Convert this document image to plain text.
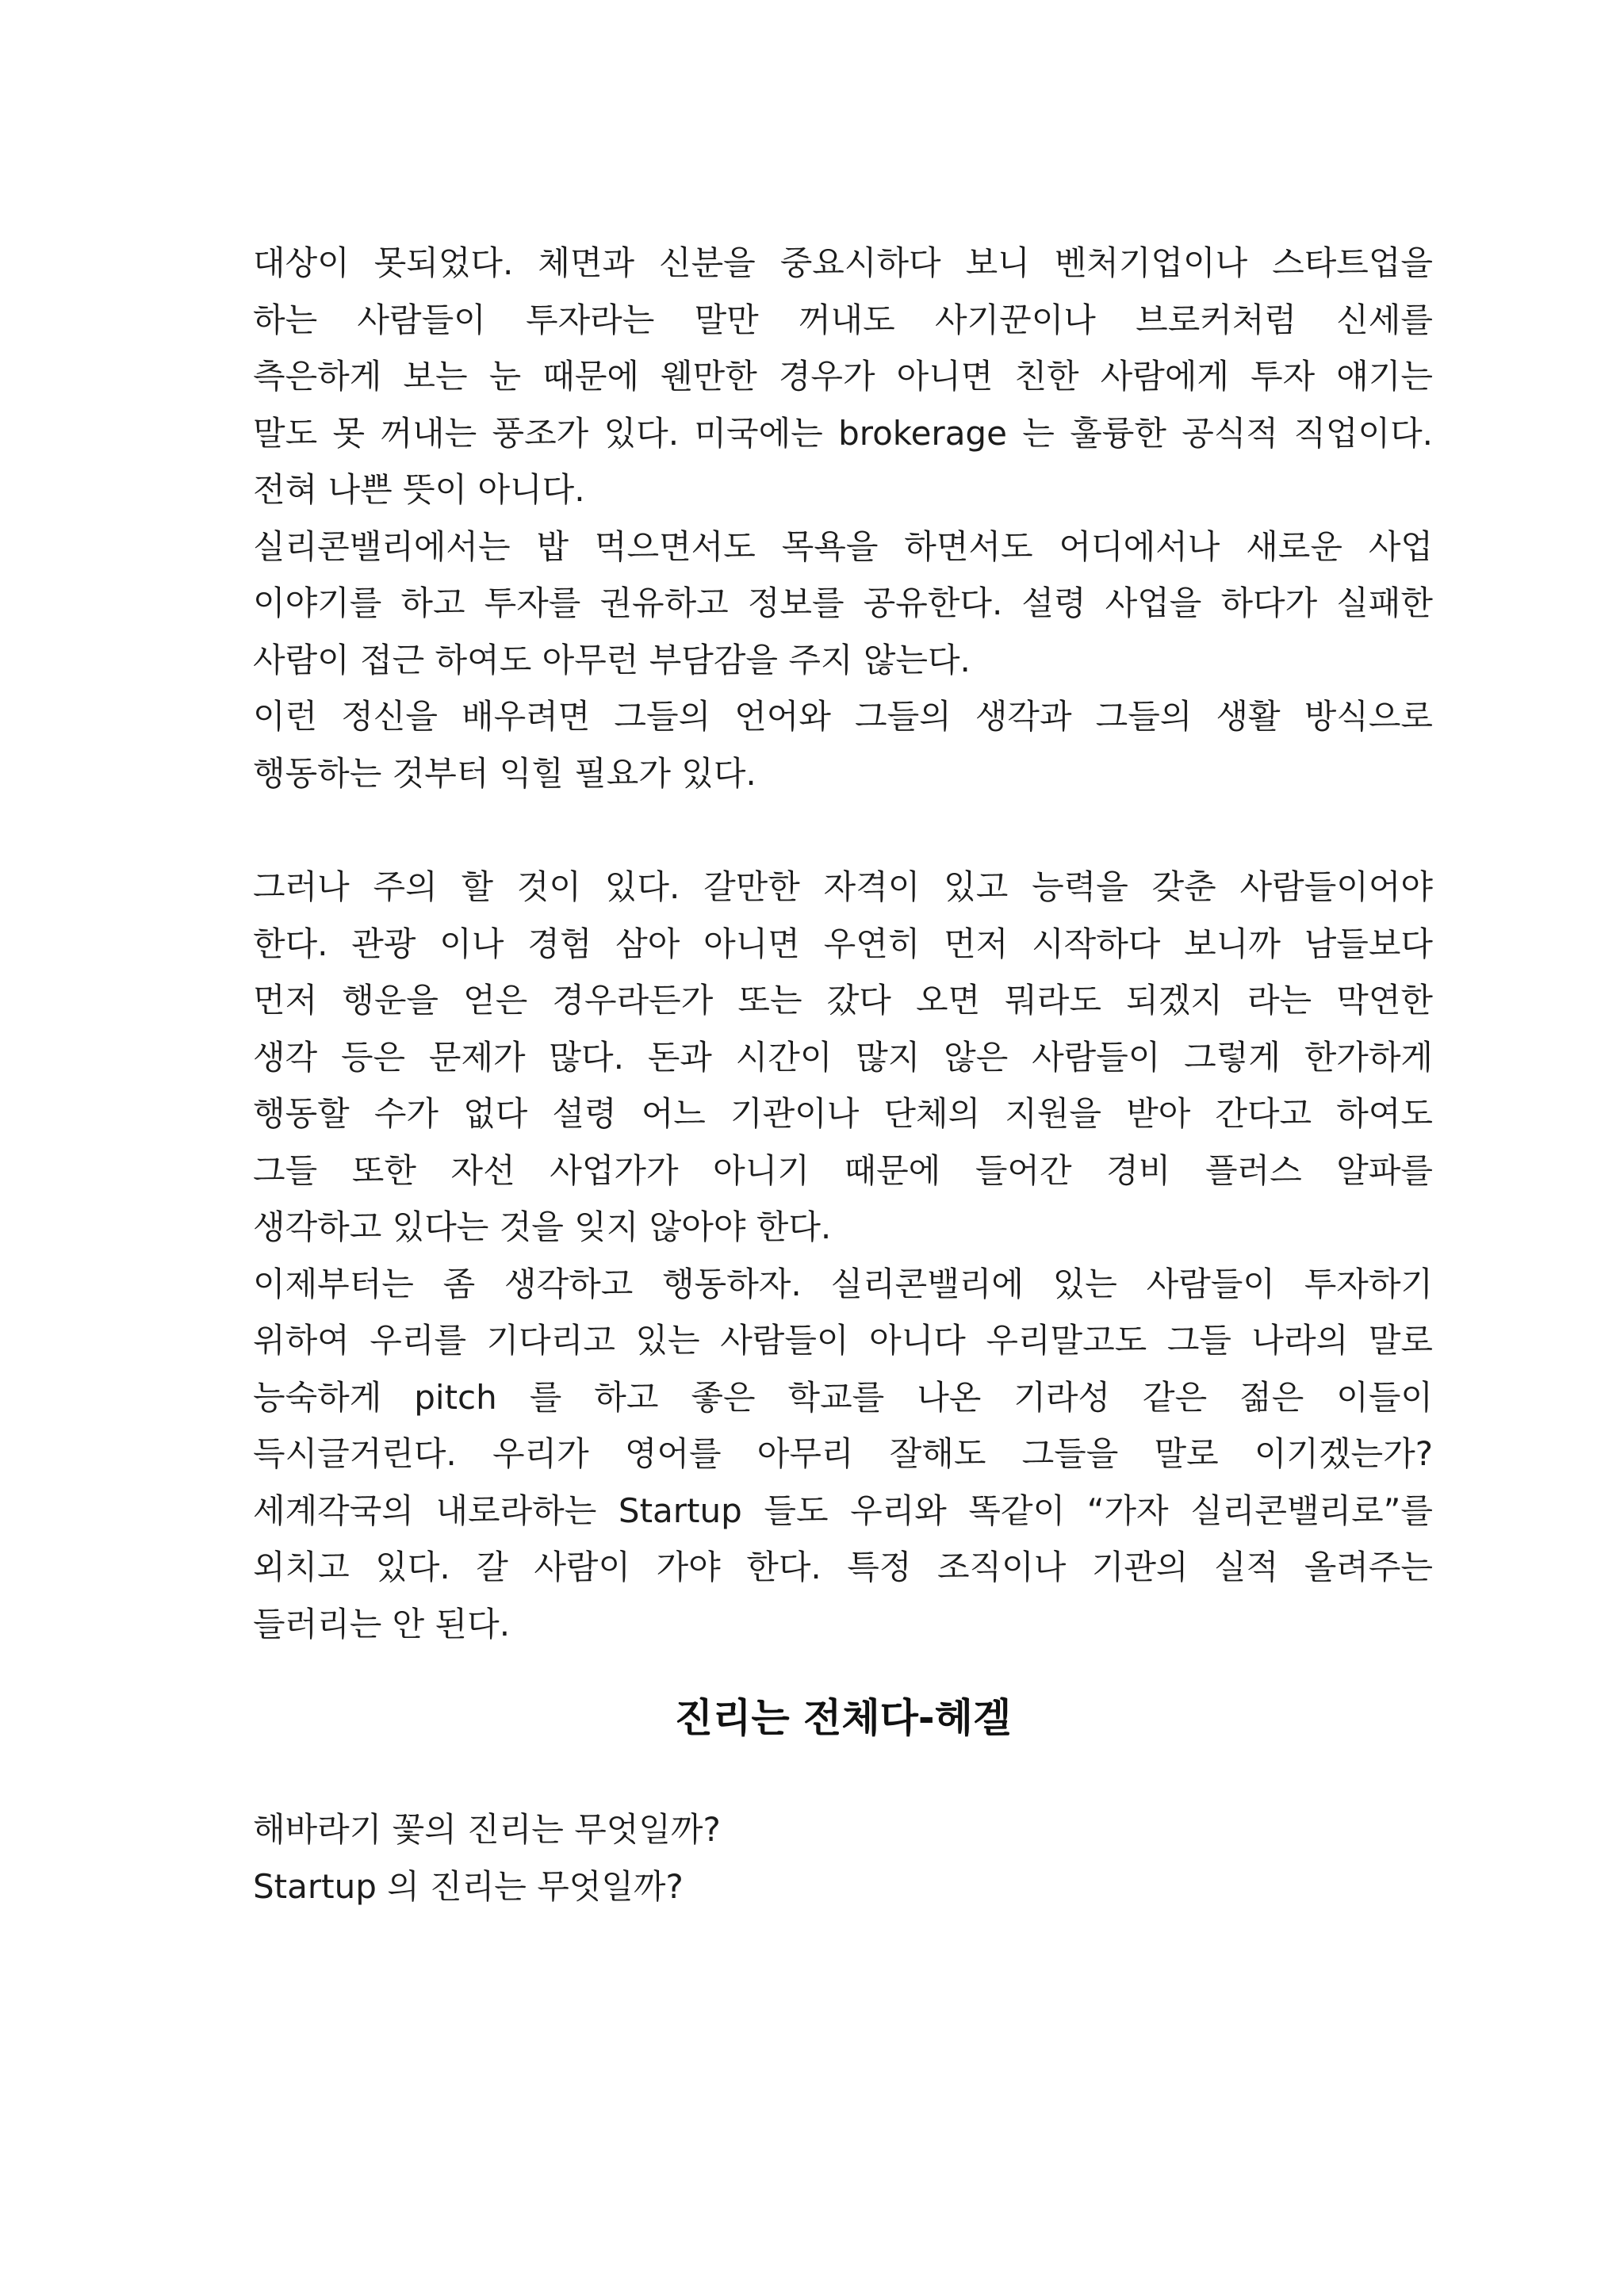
대상이 못되었다. 체면과 신분을 중요시하다 보니 벤처기업이나 스타트업을
하는 사람들이 투자라는 말만 꺼내도 사기꾼이나 브로커처럼 신세를
측은하게 보는 눈 때문에 웬만한 경우가 아니면 친한 사람에게 투자 얘기는
말도 못 꺼내는 풍조가 있다. 미국에는 brokerage 는 훌륭한 공식적 직업이다.
전혀 나쁜 뜻이 아니다.
실리콘밸리에서는 밥 먹으면서도 목욕을 하면서도 어디에서나 새로운 사업
이야기를 하고 투자를 권유하고 정보를 공유한다. 설령 사업을 하다가 실패한
사람이 접근 하여도 아무런 부담감을 주지 않는다.
이런 정신을 배우려면 그들의 언어와 그들의 생각과 그들의 생활 방식으로
행동하는 것부터 익힐 필요가 있다.
그러나 주의 할 것이 있다. 갈만한 자격이 있고 능력을 갖춘 사람들이어야
한다. 관광 이나 경험 삼아 아니면 우연히 먼저 시작하다 보니까 남들보다
먼저 행운을 얻은 경우라든가 또는 갔다 오면 뭐라도 되겠지 라는 막연한
생각 등은 문제가 많다. 돈과 시간이 많지 않은 사람들이 그렇게 한가하게
행동할 수가 없다 설령 어느 기관이나 단체의 지원을 받아 간다고 하여도
그들 또한 자선 사업가가 아니기 때문에 들어간 경비 플러스 알파를
생각하고 있다는 것을 잊지 않아야 한다.
이제부터는 좀 생각하고 행동하자. 실리콘밸리에 있는 사람들이 투자하기
위하여 우리를 기다리고 있는 사람들이 아니다 우리말고도 그들 나라의 말로
능숙하게 pitch 를 하고 좋은 학교를 나온 기라성 같은 젊은 이들이
득시글거린다. 우리가 영어를 아무리 잘해도 그들을 말로 이기겠는가?
세계각국의 내로라하는 Startup 들도 우리와 똑같이 “가자 실리콘밸리로”를
외치고 있다. 갈 사람이 가야 한다. 특정 조직이나 기관의 실적 올려주는
들러리는 안 된다.
진리는 전체다-헤겔
해바라기 꽃의 진리는 무엇일까?
Startup 의 진리는 무엇일까?
